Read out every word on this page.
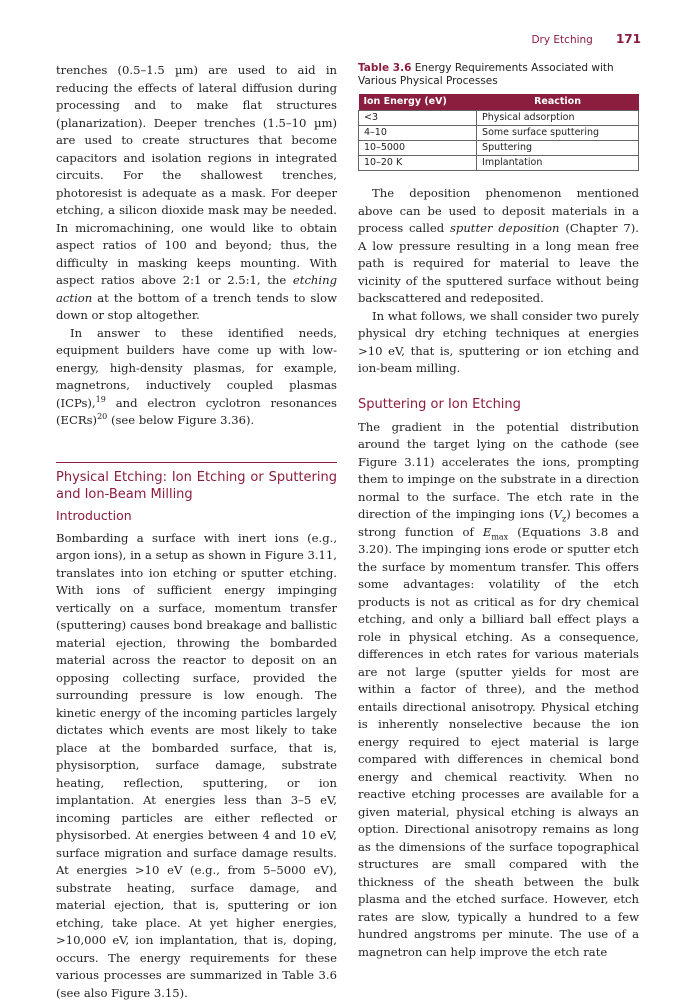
Dry Etching 171

trenches (0.5–1.5 µm) are used to aid in reducing the effects of lateral diffusion during processing and to make flat structures (planarization). Deeper trenches (1.5–10 µm) are used to create structures that become capacitors and isolation regions in integrated circuits. For the shallowest trenches, photoresist is adequate as a mask. For deeper etching, a silicon dioxide mask may be needed. In micromachining, one would like to obtain aspect ratios of 100 and beyond; thus, the difficulty in masking keeps mounting. With aspect ratios above 2:1 or 2.5:1, the etching action at the bottom of a trench tends to slow down or stop altogether.

In answer to these identified needs, equipment builders have come up with low-energy, high-density plasmas, for example, magnetrons, inductively coupled plasmas (ICPs),$^{19}$ and electron cyclotron resonances (ECRs)$^{20}$ (see below Figure 3.36).

Physical Etching: Ion Etching or Sputtering and Ion-Beam Milling
Introduction

Bombarding a surface with inert ions (e.g., argon ions), in a setup as shown in Figure 3.11, translates into ion etching or sputter etching. With ions of sufficient energy impinging vertically on a surface, momentum transfer (sputtering) causes bond breakage and ballistic material ejection, throwing the bombarded material across the reactor to deposit on an opposing collecting surface, provided the surrounding pressure is low enough. The kinetic energy of the incoming particles largely dictates which events are most likely to take place at the bombarded surface, that is, physisorption, surface damage, substrate heating, reflection, sputtering, or ion implantation. At energies less than 3–5 eV, incoming particles are either reflected or physisorbed. At energies between 4 and 10 eV, surface migration and surface damage results. At energies >10 eV (e.g., from 5–5000 eV), substrate heating, surface damage, and material ejection, that is, sputtering or ion etching, take place. At yet higher energies, >10,000 eV, ion implantation, that is, doping, occurs. The energy requirements for these various processes are summarized in Table 3.6 (see also Figure 3.15).

Table 3.6 Energy Requirements Associated with Various Physical Processes
Ion Energy (eV)	Reaction
<3	Physical adsorption
4–10	Some surface sputtering
10–5000	Sputtering
10–20 K	Implantation

The deposition phenomenon mentioned above can be used to deposit materials in a process called sputter deposition (Chapter 7). A low pressure resulting in a long mean free path is required for material to leave the vicinity of the sputtered surface without being backscattered and redeposited.

In what follows, we shall consider two purely physical dry etching techniques at energies >10 eV, that is, sputtering or ion etching and ion-beam milling.

Sputtering or Ion Etching

The gradient in the potential distribution around the target lying on the cathode (see Figure 3.11) accelerates the ions, prompting them to impinge on the substrate in a direction normal to the surface. The etch rate in the direction of the impinging ions $(V_z)$ becomes a strong function of $E_{max}$ (Equations 3.8 and 3.20). The impinging ions erode or sputter etch the surface by momentum transfer. This offers some advantages: volatility of the etch products is not as critical as for dry chemical etching, and only a billiard ball effect plays a role in physical etching. As a consequence, differences in etch rates for various materials are not large (sputter yields for most are within a factor of three), and the method entails directional anisotropy. Physical etching is inherently nonselective because the ion energy required to eject material is large compared with differences in chemical bond energy and chemical reactivity. When no reactive etching processes are available for a given material, physical etching is always an option. Directional anisotropy remains as long as the dimensions of the surface topographical structures are small compared with the thickness of the sheath between the bulk plasma and the etched surface. However, etch rates are slow, typically a hundred to a few hundred angstroms per minute. The use of a magnetron can help improve the etch rate
